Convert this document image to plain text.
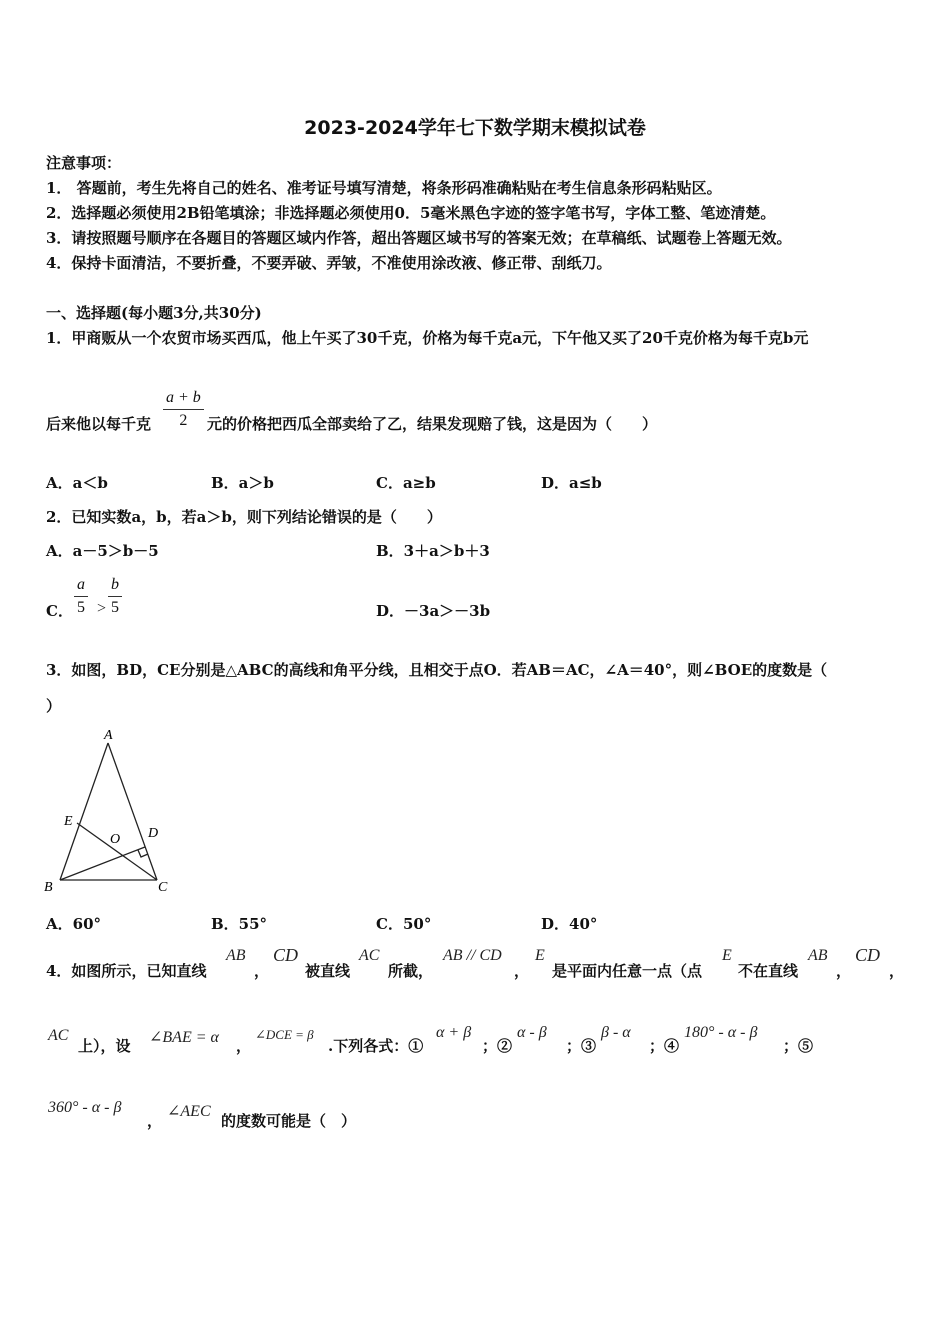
2023-2024学年七下数学期末模拟试卷
注意事项：
1． 答题前，考生先将自己的姓名、准考证号填写清楚，将条形码准确粘贴在考生信息条形码粘贴区。
2．选择题必须使用2B铅笔填涂；非选择题必须使用0．5毫米黑色字迹的签字笔书写，字体工整、笔迹清楚。
3．请按照题号顺序在各题目的答题区域内作答，超出答题区域书写的答案无效；在草稿纸、试题卷上答题无效。
4．保持卡面清洁，不要折叠，不要弄破、弄皱，不准使用涂改液、修正带、刮纸刀。
一、选择题(每小题3分,共30分)
1．甲商贩从一个农贸市场买西瓜，他上午买了30千克，价格为每千克a元，下午他又买了20千克价格为每千克b元
后来他以每千克 $\frac{a + b}{2}$ 元的价格把西瓜全部卖给了乙，结果发现赔了钱，这是因为（　　）
A．a＜b	B．a＞b	C．a≥b	D．a≤b
2．已知实数a，b，若a＞b，则下列结论错误的是（　　）
A．a－5＞b－5	B．3＋a＞b＋3
C． $\frac{a}{5} > \frac{b}{5}$	D．－3a＞－3b
3．如图，BD，CE分别是△ABC的高线和角平分线，且相交于点O．若AB＝AC，∠A＝40°，则∠BOE的度数是（
）
A
B	C
D
E
O
A．60°	B．55°	C．50°	D．40°
4．如图所示，已知直线
AB
，
CD
被直线
AC
所截，
AB // CD
，
E
是平面内任意一点（点
E
不在直线
AB
，
CD
，
AC
上），设 ∠BAE = α ，
∠DCE = β
.下列各式：①
α + β
；②
α - β
；③
β - α
；④
180° - α - β
；⑤
360° - α - β
，
∠AEC
的度数可能是（　）
